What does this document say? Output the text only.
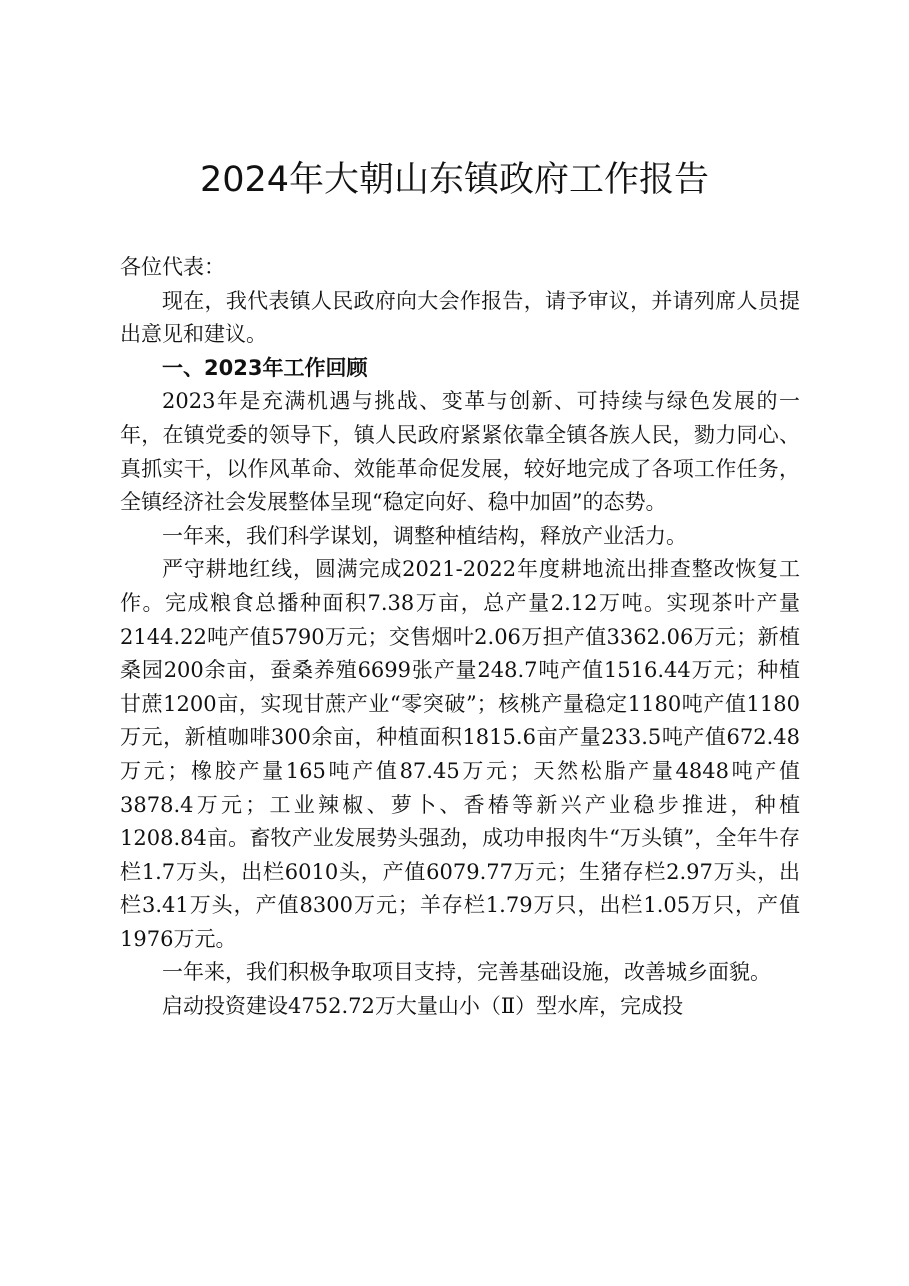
2024年大朝山东镇政府工作报告

各位代表：

现在，我代表镇人民政府向大会作报告，请予审议，并请列席人员提出意见和建议。

一、2023年工作回顾

2023年是充满机遇与挑战、变革与创新、可持续与绿色发展的一年，在镇党委的领导下，镇人民政府紧紧依靠全镇各族人民，勠力同心、真抓实干，以作风革命、效能革命促发展，较好地完成了各项工作任务，全镇经济社会发展整体呈现“稳定向好、稳中加固”的态势。

一年来，我们科学谋划，调整种植结构，释放产业活力。

严守耕地红线，圆满完成2021-2022年度耕地流出排查整改恢复工作。完成粮食总播种面积7.38万亩，总产量2.12万吨。实现茶叶产量2144.22吨产值5790万元；交售烟叶2.06万担产值3362.06万元；新植桑园200余亩，蚕桑养殖6699张产量248.7吨产值1516.44万元；种植甘蔗1200亩，实现甘蔗产业“零突破”；核桃产量稳定1180吨产值1180万元，新植咖啡300余亩，种植面积1815.6亩产量233.5吨产值672.48万元；橡胶产量165吨产值87.45万元；天然松脂产量4848吨产值3878.4万元；工业辣椒、萝卜、香椿等新兴产业稳步推进，种植1208.84亩。畜牧产业发展势头强劲，成功申报肉牛“万头镇”，全年牛存栏1.7万头，出栏6010头，产值6079.77万元；生猪存栏2.97万头，出栏3.41万头，产值8300万元；羊存栏1.79万只，出栏1.05万只，产值1976万元。

一年来，我们积极争取项目支持，完善基础设施，改善城乡面貌。

启动投资建设4752.72万大量山小（Ⅱ）型水库，完成投
